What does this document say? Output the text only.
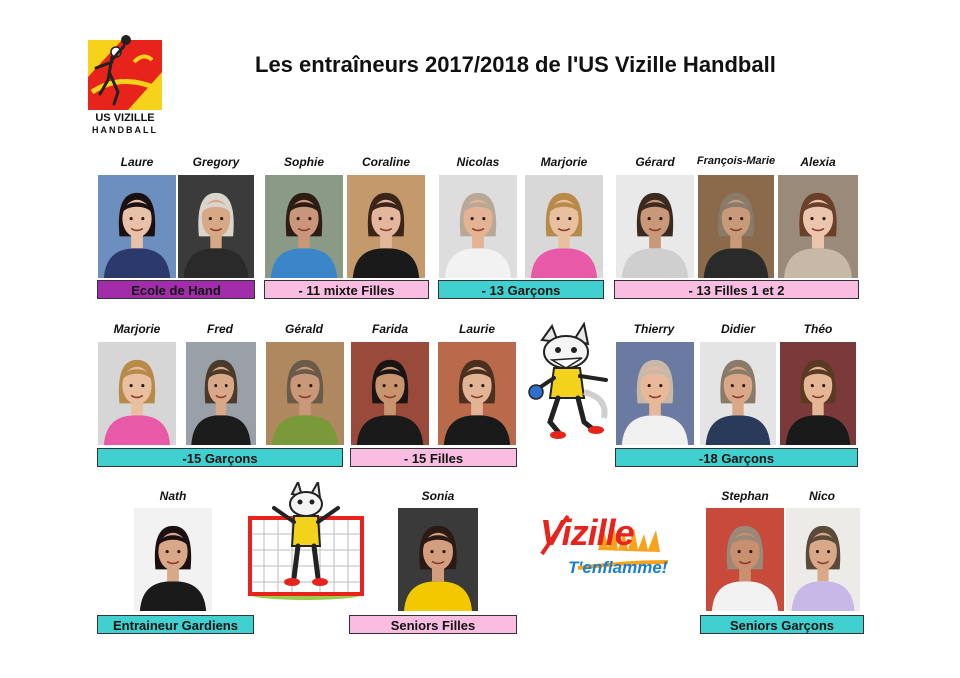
Les entraîneurs 2017/2018 de l'US Vizille Handball
US VIZILLE
HANDBALL
Laure	Gregory	Sophie	Coraline	Nicolas	Marjorie	Gérard	François-Marie	Alexia
Ecole de Hand	- 11 mixte Filles	- 13 Garçons	- 13 Filles 1 et 2
Marjorie	Fred	Gérald	Farida	Laurie	Thierry	Didier	Théo
-15 Garçons	- 15 Filles	-18 Garçons
Nath	Sonia	Stephan	Nico
Vizille
T'enflamme!
Entraineur Gardiens	Seniors Filles	Seniors Garçons
